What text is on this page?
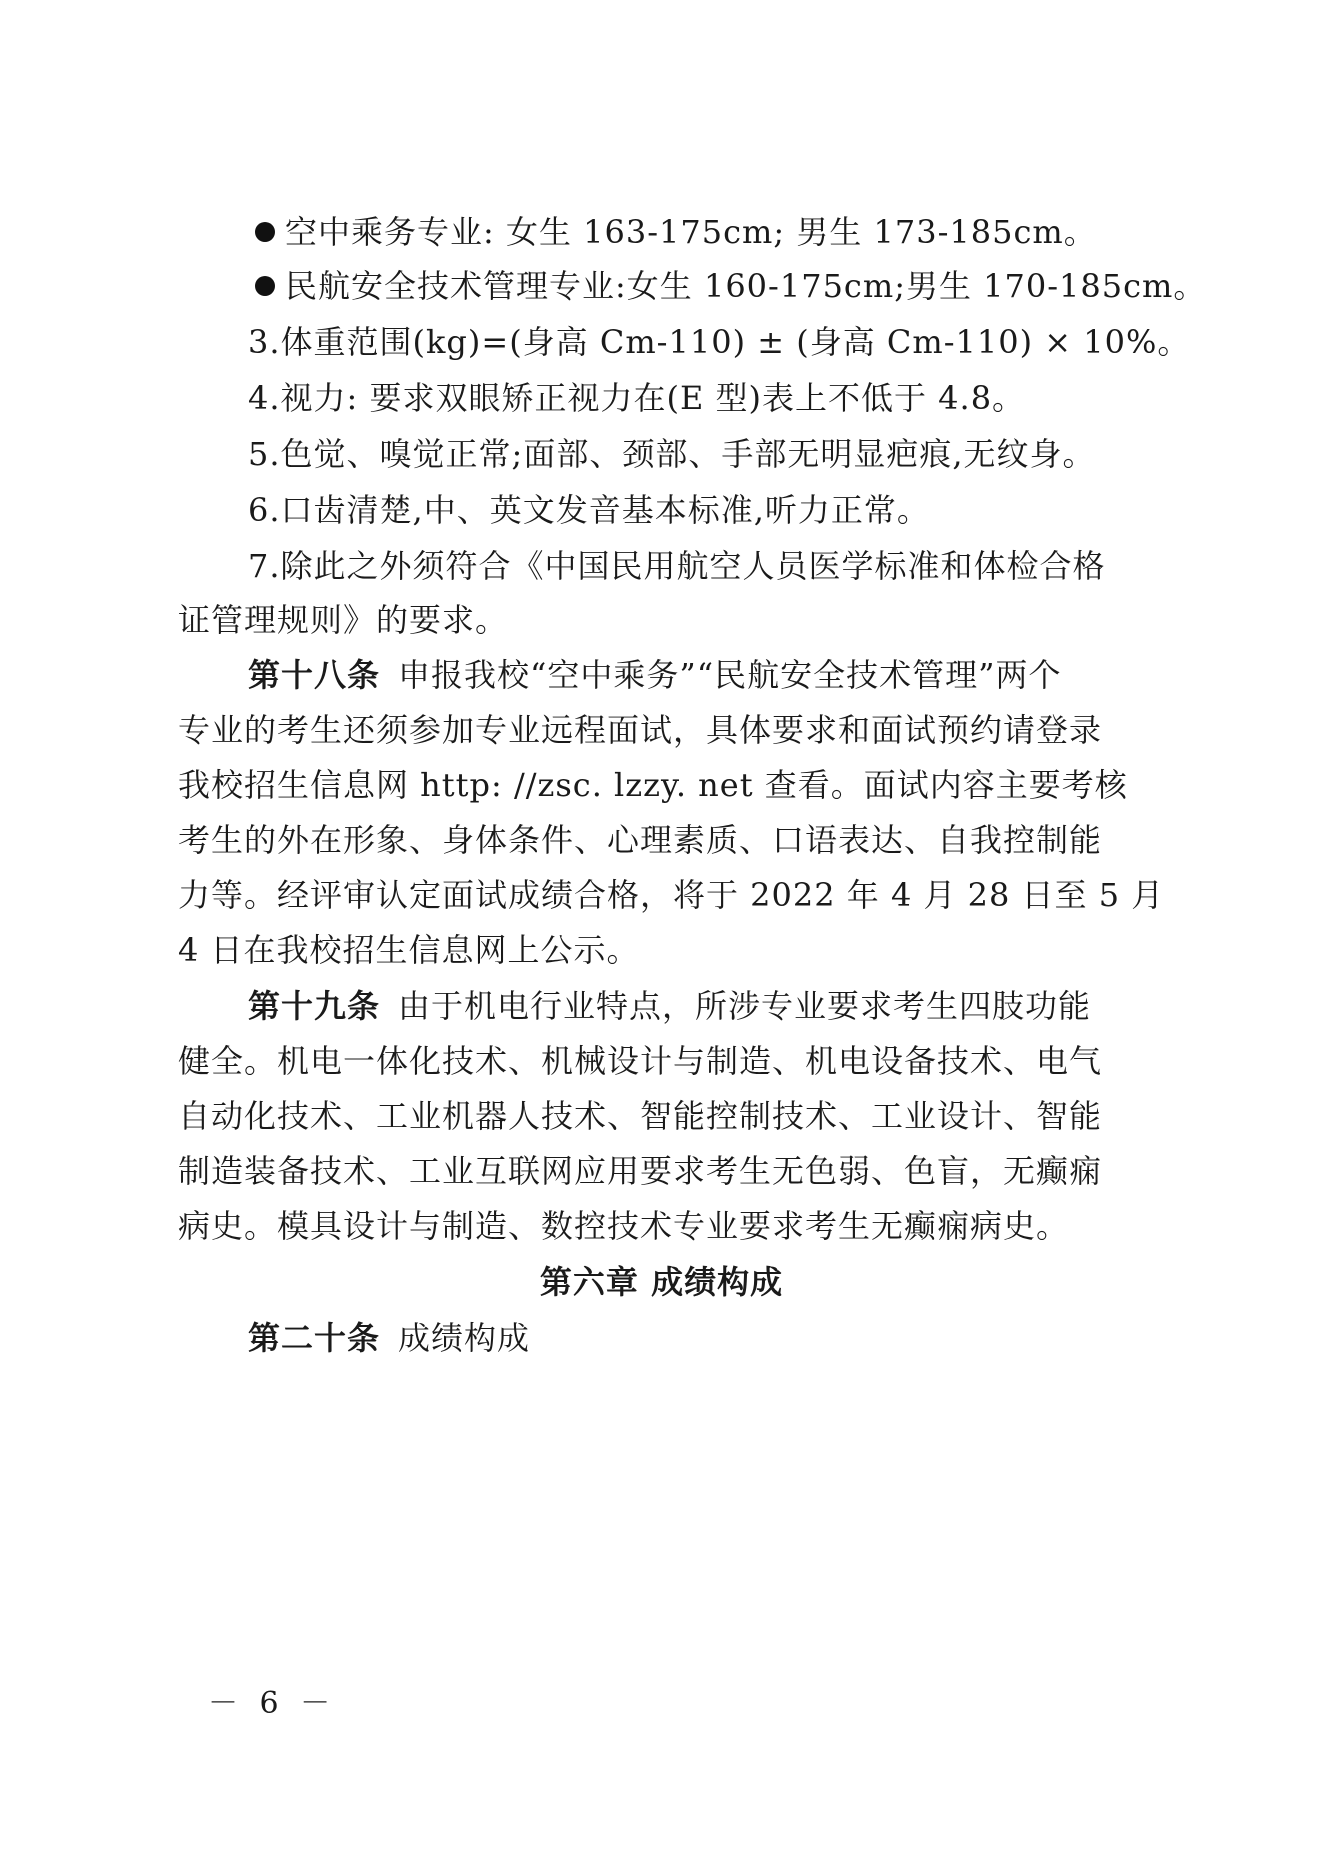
空中乘务专业: 女生 163-175cm; 男生 173-185cm。
民航安全技术管理专业:女生 160-175cm;男生 170-185cm。
3.体重范围(kg)=(身高 Cm-110) ± (身高 Cm-110) × 10%。
4.视力: 要求双眼矫正视力在(E 型)表上不低于 4.8。
5.色觉、嗅觉正常;面部、颈部、手部无明显疤痕,无纹身。
6.口齿清楚,中、英文发音基本标准,听力正常。
7.除此之外须符合《中国民用航空人员医学标准和体检合格
证管理规则》的要求。
第十八条 申报我校“空中乘务”“民航安全技术管理”两个
专业的考生还须参加专业远程面试，具体要求和面试预约请登录
我校招生信息网 http: //zsc. lzzy. net 查看。面试内容主要考核
考生的外在形象、身体条件、心理素质、口语表达、自我控制能
力等。经评审认定面试成绩合格，将于 2022 年 4 月 28 日至 5 月
4 日在我校招生信息网上公示。
第十九条 由于机电行业特点，所涉专业要求考生四肢功能
健全。机电一体化技术、机械设计与制造、机电设备技术、电气
自动化技术、工业机器人技术、智能控制技术、工业设计、智能
制造装备技术、工业互联网应用要求考生无色弱、色盲，无癫痫
病史。模具设计与制造、数控技术专业要求考生无癫痫病史。
第六章 成绩构成
第二十条 成绩构成
－ 6 －
